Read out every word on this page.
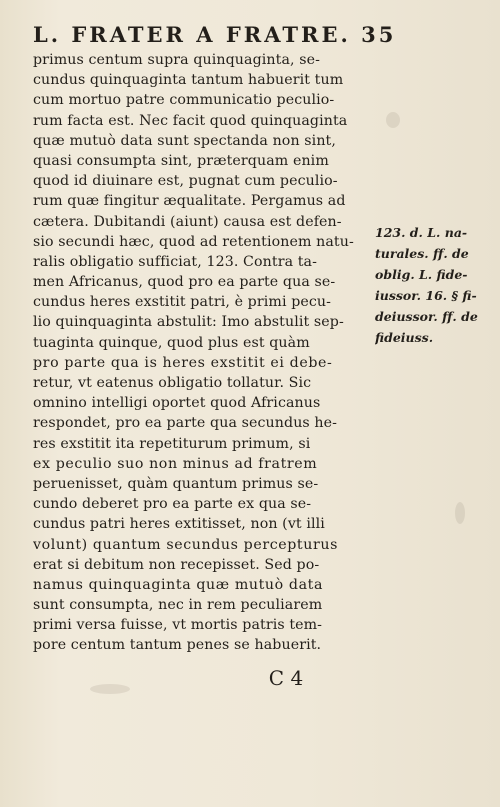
L. FRATER A FRATRE. 35
primus centum supra quinquaginta, se-
cundus quinquaginta tantum habuerit tum
cum mortuo patre communicatio peculio-
rum facta est. Nec facit quod quinquaginta
quæ mutuò data sunt spectanda non sint,
quasi consumpta sint, præterquam enim
quod id diuinare est, pugnat cum peculio-
rum quæ fingitur æqualitate. Pergamus ad
cætera. Dubitandi (aiunt) causa est defen-
sio secundi hæc, quod ad retentionem natu-
ralis obligatio sufficiat, 123. Contra ta-
men Africanus, quod pro ea parte qua se-
cundus heres exstitit patri, è primi pecu-
lio quinquaginta abstulit: Imo abstulit sep-
tuaginta quinque, quod plus est quàm
pro parte qua is heres exstitit ei debe-
retur, vt eatenus obligatio tollatur. Sic
omnino intelligi oportet quod Africanus
respondet, pro ea parte qua secundus he-
res exstitit ita repetiturum primum, si
ex peculio suo non minus ad fratrem
peruenisset, quàm quantum primus se-
cundo deberet pro ea parte ex qua se-
cundus patri heres extitisset, non (vt illi
volunt) quantum secundus percepturus
erat si debitum non recepisset. Sed po-
namus quinquaginta quæ mutuò data
sunt consumpta, nec in rem peculiarem
primi versa fuisse, vt mortis patris tem-
pore centum tantum penes se habuerit.
123. d. L. na-
turales. ff. de
oblig. L. fide-
iussor. 16. § fi-
deiussor. ff. de
fideiuss.
C 4
